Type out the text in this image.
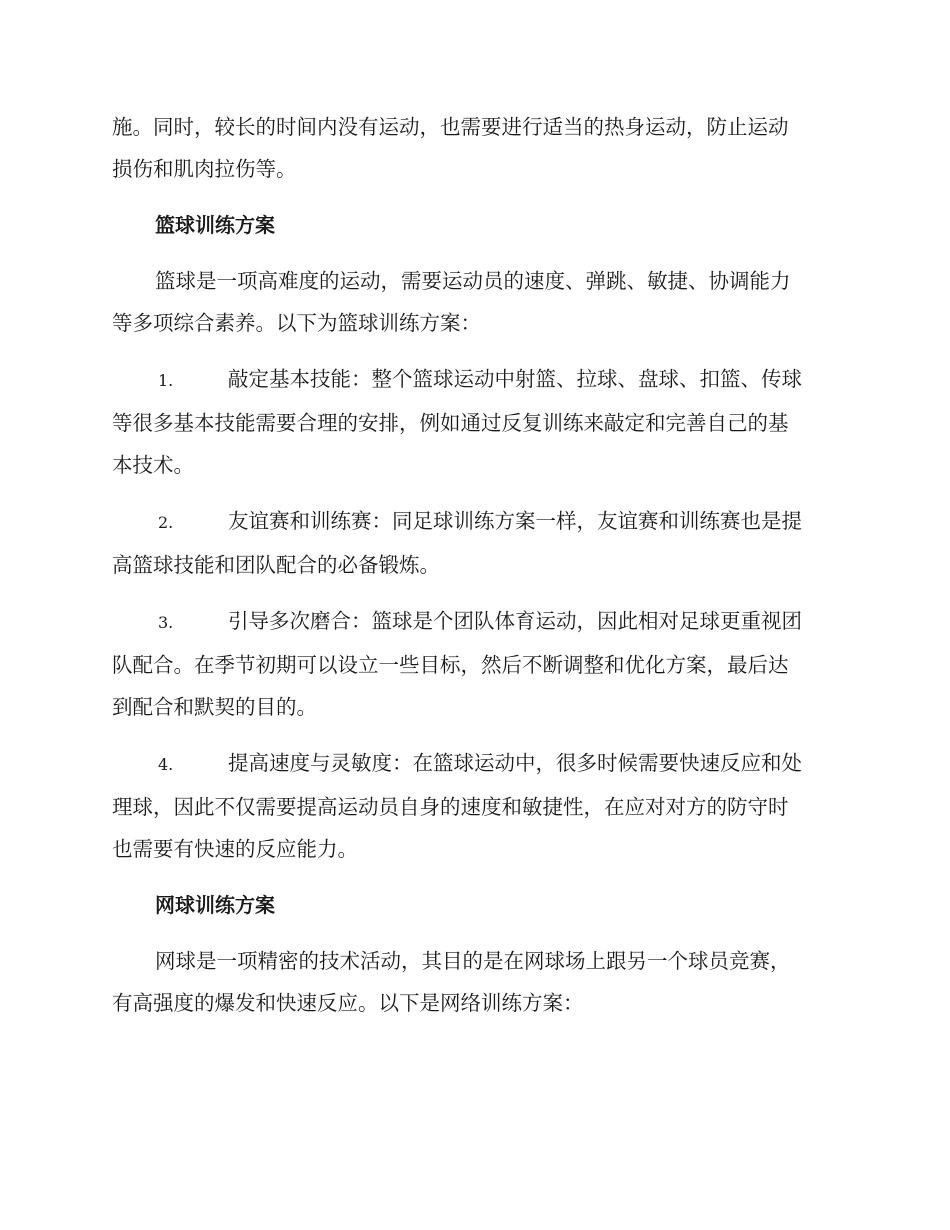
施。同时，较长的时间内没有运动，也需要进行适当的热身运动，防止运动

损伤和肌肉拉伤等。

篮球训练方案

篮球是一项高难度的运动，需要运动员的速度、弹跳、敏捷、协调能力

等多项综合素养。以下为篮球训练方案：

1.	敲定基本技能：整个篮球运动中射篮、拉球、盘球、扣篮、传球

等很多基本技能需要合理的安排，例如通过反复训练来敲定和完善自己的基

本技术。

2.	友谊赛和训练赛：同足球训练方案一样，友谊赛和训练赛也是提

高篮球技能和团队配合的必备锻炼。

3.	引导多次磨合：篮球是个团队体育运动，因此相对足球更重视团

队配合。在季节初期可以设立一些目标，然后不断调整和优化方案，最后达

到配合和默契的目的。

4.	提高速度与灵敏度：在篮球运动中，很多时候需要快速反应和处

理球，因此不仅需要提高运动员自身的速度和敏捷性，在应对对方的防守时

也需要有快速的反应能力。

网球训练方案

网球是一项精密的技术活动，其目的是在网球场上跟另一个球员竞赛，

有高强度的爆发和快速反应。以下是网络训练方案：
